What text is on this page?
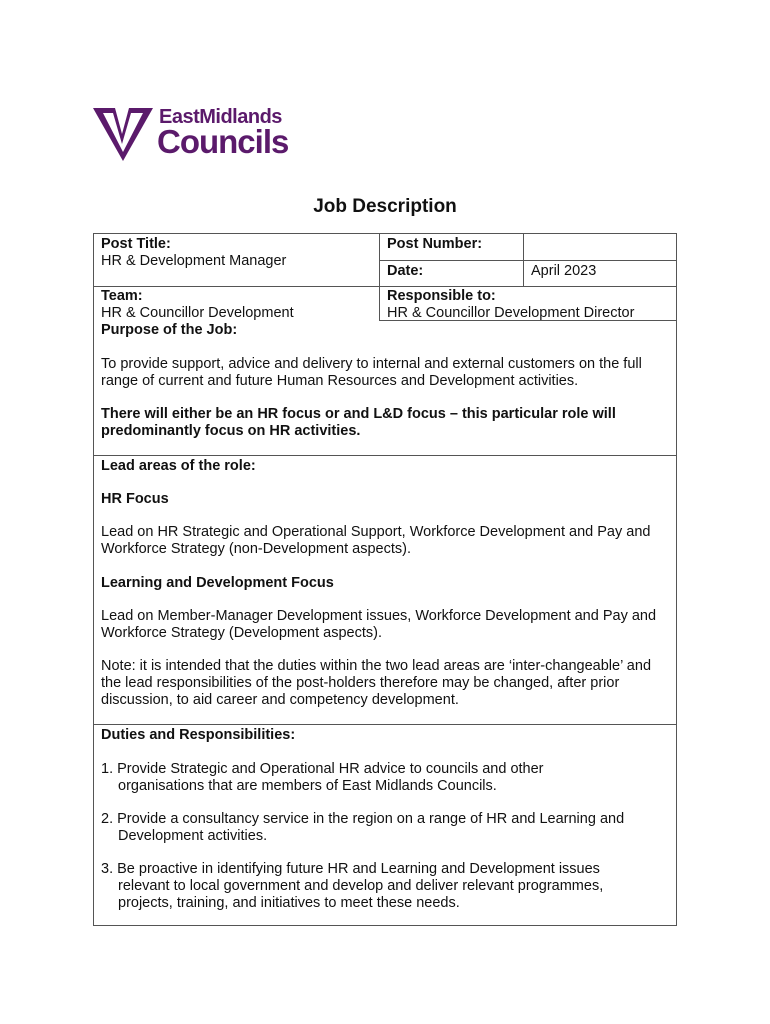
EastMidlands
Councils
Job Description
Post Title:
HR & Development Manager
Post Number:
Date:	April 2023
Team:
HR & Councillor Development
Responsible to:
HR & Councillor Development Director
Purpose of the Job:
To provide support, advice and delivery to internal and external customers on the full range of current and future Human Resources and Development activities.
There will either be an HR focus or and L&D focus – this particular role will predominantly focus on HR activities.
Lead areas of the role:
HR Focus
Lead on HR Strategic and Operational Support, Workforce Development and Pay and Workforce Strategy (non-Development aspects).
Learning and Development Focus
Lead on Member-Manager Development issues, Workforce Development and Pay and Workforce Strategy (Development aspects).
Note: it is intended that the duties within the two lead areas are ‘inter-changeable’ and the lead responsibilities of the post-holders therefore may be changed, after prior discussion, to aid career and competency development.
Duties and Responsibilities:
1. Provide Strategic and Operational HR advice to councils and other
organisations that are members of East Midlands Councils.
2. Provide a consultancy service in the region on a range of HR and Learning and
Development activities.
3. Be proactive in identifying future HR and Learning and Development issues
relevant to local government and develop and deliver relevant programmes, projects, training, and initiatives to meet these needs.
